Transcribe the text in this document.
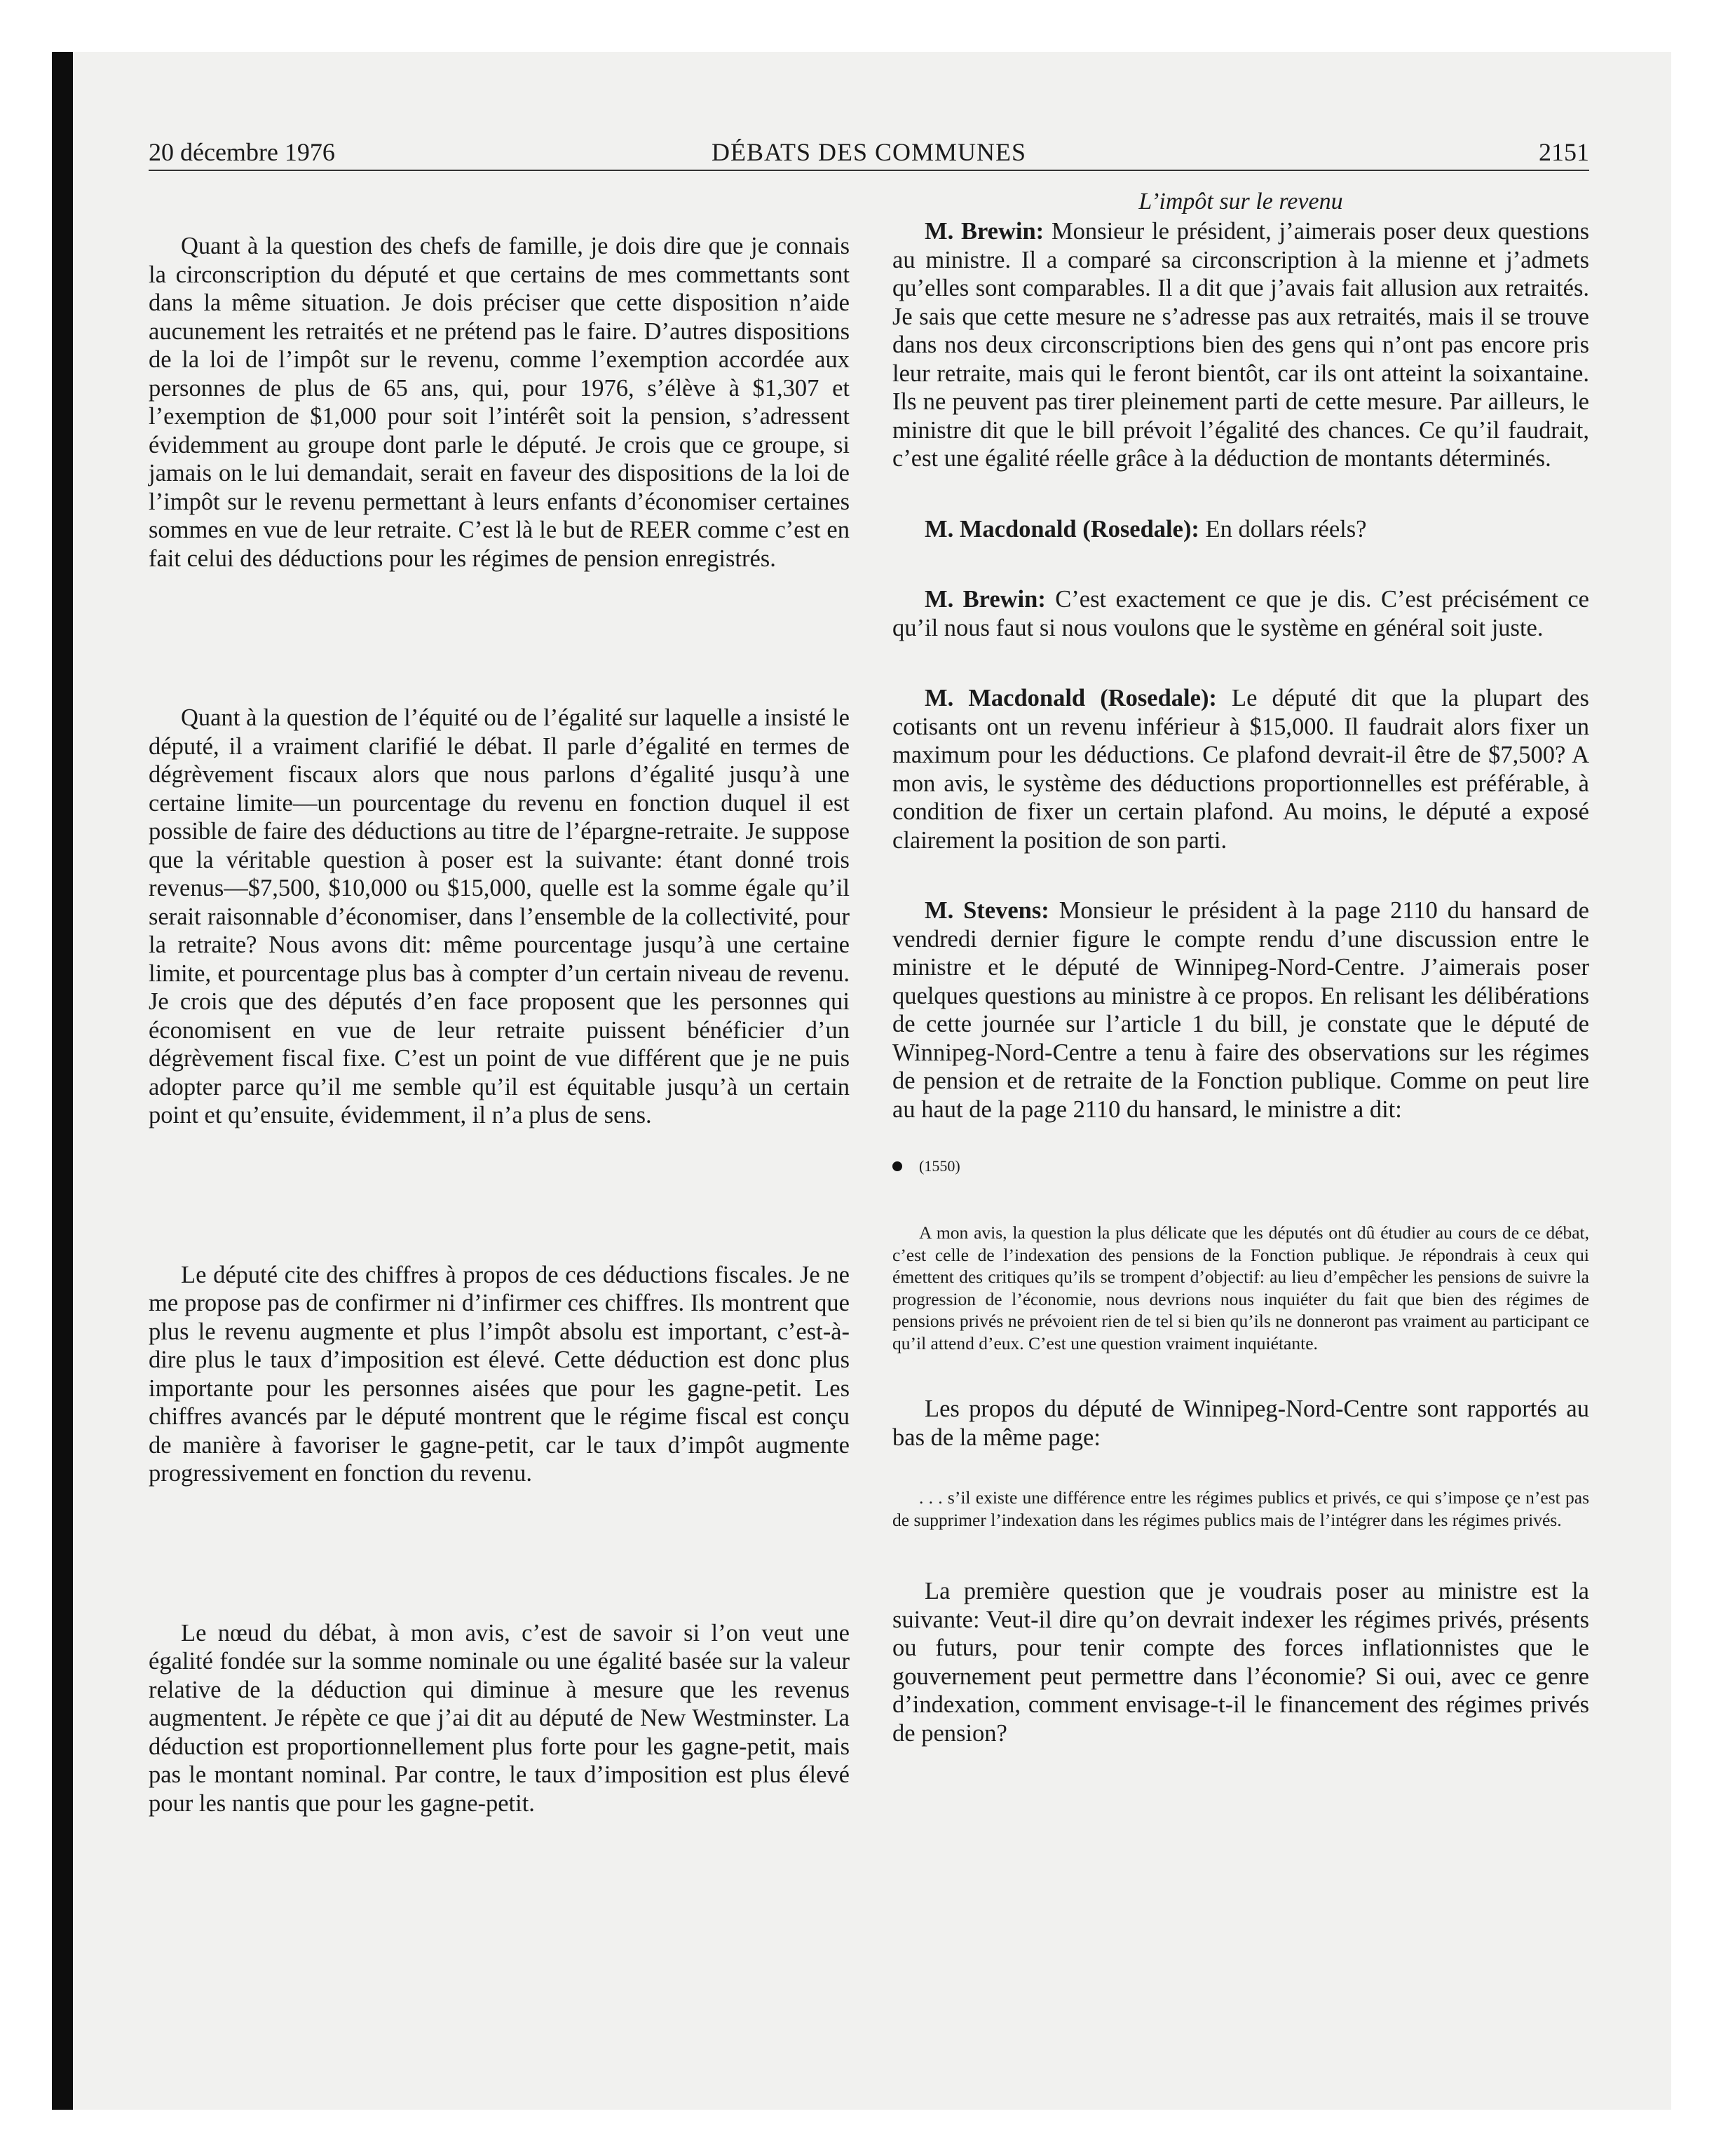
20 décembre 1976	DÉBATS DES COMMUNES	2151

Quant à la question des chefs de famille, je dois dire que je connais la circonscription du député et que certains de mes commettants sont dans la même situation. Je dois préciser que cette disposition n’aide aucunement les retraités et ne prétend pas le faire. D’autres dispositions de la loi de l’impôt sur le revenu, comme l’exemption accordée aux personnes de plus de 65 ans, qui, pour 1976, s’élève à $1,307 et l’exemption de $1,000 pour soit l’intérêt soit la pension, s’adressent évidemment au groupe dont parle le député. Je crois que ce groupe, si jamais on le lui demandait, serait en faveur des dispositions de la loi de l’impôt sur le revenu permettant à leurs enfants d’économiser certaines sommes en vue de leur retraite. C’est là le but de REER comme c’est en fait celui des déductions pour les régimes de pension enregistrés.

Quant à la question de l’équité ou de l’égalité sur laquelle a insisté le député, il a vraiment clarifié le débat. Il parle d’égalité en termes de dégrèvement fiscaux alors que nous parlons d’égalité jusqu’à une certaine limite—un pourcentage du revenu en fonction duquel il est possible de faire des déductions au titre de l’épargne-retraite. Je suppose que la véritable question à poser est la suivante: étant donné trois revenus—$7,500, $10,000 ou $15,000, quelle est la somme égale qu’il serait raisonnable d’économiser, dans l’ensemble de la collectivité, pour la retraite? Nous avons dit: même pourcentage jusqu’à une certaine limite, et pourcentage plus bas à compter d’un certain niveau de revenu. Je crois que des députés d’en face proposent que les personnes qui économisent en vue de leur retraite puissent bénéficier d’un dégrèvement fiscal fixe. C’est un point de vue différent que je ne puis adopter parce qu’il me semble qu’il est équitable jusqu’à un certain point et qu’ensuite, évidemment, il n’a plus de sens.

Le député cite des chiffres à propos de ces déductions fiscales. Je ne me propose pas de confirmer ni d’infirmer ces chiffres. Ils montrent que plus le revenu augmente et plus l’impôt absolu est important, c’est-à-dire plus le taux d’imposition est élevé. Cette déduction est donc plus importante pour les personnes aisées que pour les gagne-petit. Les chiffres avancés par le député montrent que le régime fiscal est conçu de manière à favoriser le gagne-petit, car le taux d’impôt augmente progressivement en fonction du revenu.

Le nœud du débat, à mon avis, c’est de savoir si l’on veut une égalité fondée sur la somme nominale ou une égalité basée sur la valeur relative de la déduction qui diminue à mesure que les revenus augmentent. Je répète ce que j’ai dit au député de New Westminster. La déduction est proportionnellement plus forte pour les gagne-petit, mais pas le montant nominal. Par contre, le taux d’imposition est plus élevé pour les nantis que pour les gagne-petit.

L’impôt sur le revenu

M. Brewin: Monsieur le président, j’aimerais poser deux questions au ministre. Il a comparé sa circonscription à la mienne et j’admets qu’elles sont comparables. Il a dit que j’avais fait allusion aux retraités. Je sais que cette mesure ne s’adresse pas aux retraités, mais il se trouve dans nos deux circonscriptions bien des gens qui n’ont pas encore pris leur retraite, mais qui le feront bientôt, car ils ont atteint la soixantaine. Ils ne peuvent pas tirer pleinement parti de cette mesure. Par ailleurs, le ministre dit que le bill prévoit l’égalité des chances. Ce qu’il faudrait, c’est une égalité réelle grâce à la déduction de montants déterminés.

M. Macdonald (Rosedale): En dollars réels?

M. Brewin: C’est exactement ce que je dis. C’est précisément ce qu’il nous faut si nous voulons que le système en général soit juste.

M. Macdonald (Rosedale): Le député dit que la plupart des cotisants ont un revenu inférieur à $15,000. Il faudrait alors fixer un maximum pour les déductions. Ce plafond devrait-il être de $7,500? A mon avis, le système des déductions proportionnelles est préférable, à condition de fixer un certain plafond. Au moins, le député a exposé clairement la position de son parti.

M. Stevens: Monsieur le président à la page 2110 du hansard de vendredi dernier figure le compte rendu d’une discussion entre le ministre et le député de Winnipeg-Nord-Centre. J’aimerais poser quelques questions au ministre à ce propos. En relisant les délibérations de cette journée sur l’article 1 du bill, je constate que le député de Winnipeg-Nord-Centre a tenu à faire des observations sur les régimes de pension et de retraite de la Fonction publique. Comme on peut lire au haut de la page 2110 du hansard, le ministre a dit:

(1550)

A mon avis, la question la plus délicate que les députés ont dû étudier au cours de ce débat, c’est celle de l’indexation des pensions de la Fonction publique. Je répondrais à ceux qui émettent des critiques qu’ils se trompent d’objectif: au lieu d’empêcher les pensions de suivre la progression de l’économie, nous devrions nous inquiéter du fait que bien des régimes de pensions privés ne prévoient rien de tel si bien qu’ils ne donneront pas vraiment au participant ce qu’il attend d’eux. C’est une question vraiment inquiétante.

Les propos du député de Winnipeg-Nord-Centre sont rapportés au bas de la même page:

. . . s’il existe une différence entre les régimes publics et privés, ce qui s’impose çe n’est pas de supprimer l’indexation dans les régimes publics mais de l’intégrer dans les régimes privés.

La première question que je voudrais poser au ministre est la suivante: Veut-il dire qu’on devrait indexer les régimes privés, présents ou futurs, pour tenir compte des forces inflationnistes que le gouvernement peut permettre dans l’économie? Si oui, avec ce genre d’indexation, comment envisage-t-il le financement des régimes privés de pension?
